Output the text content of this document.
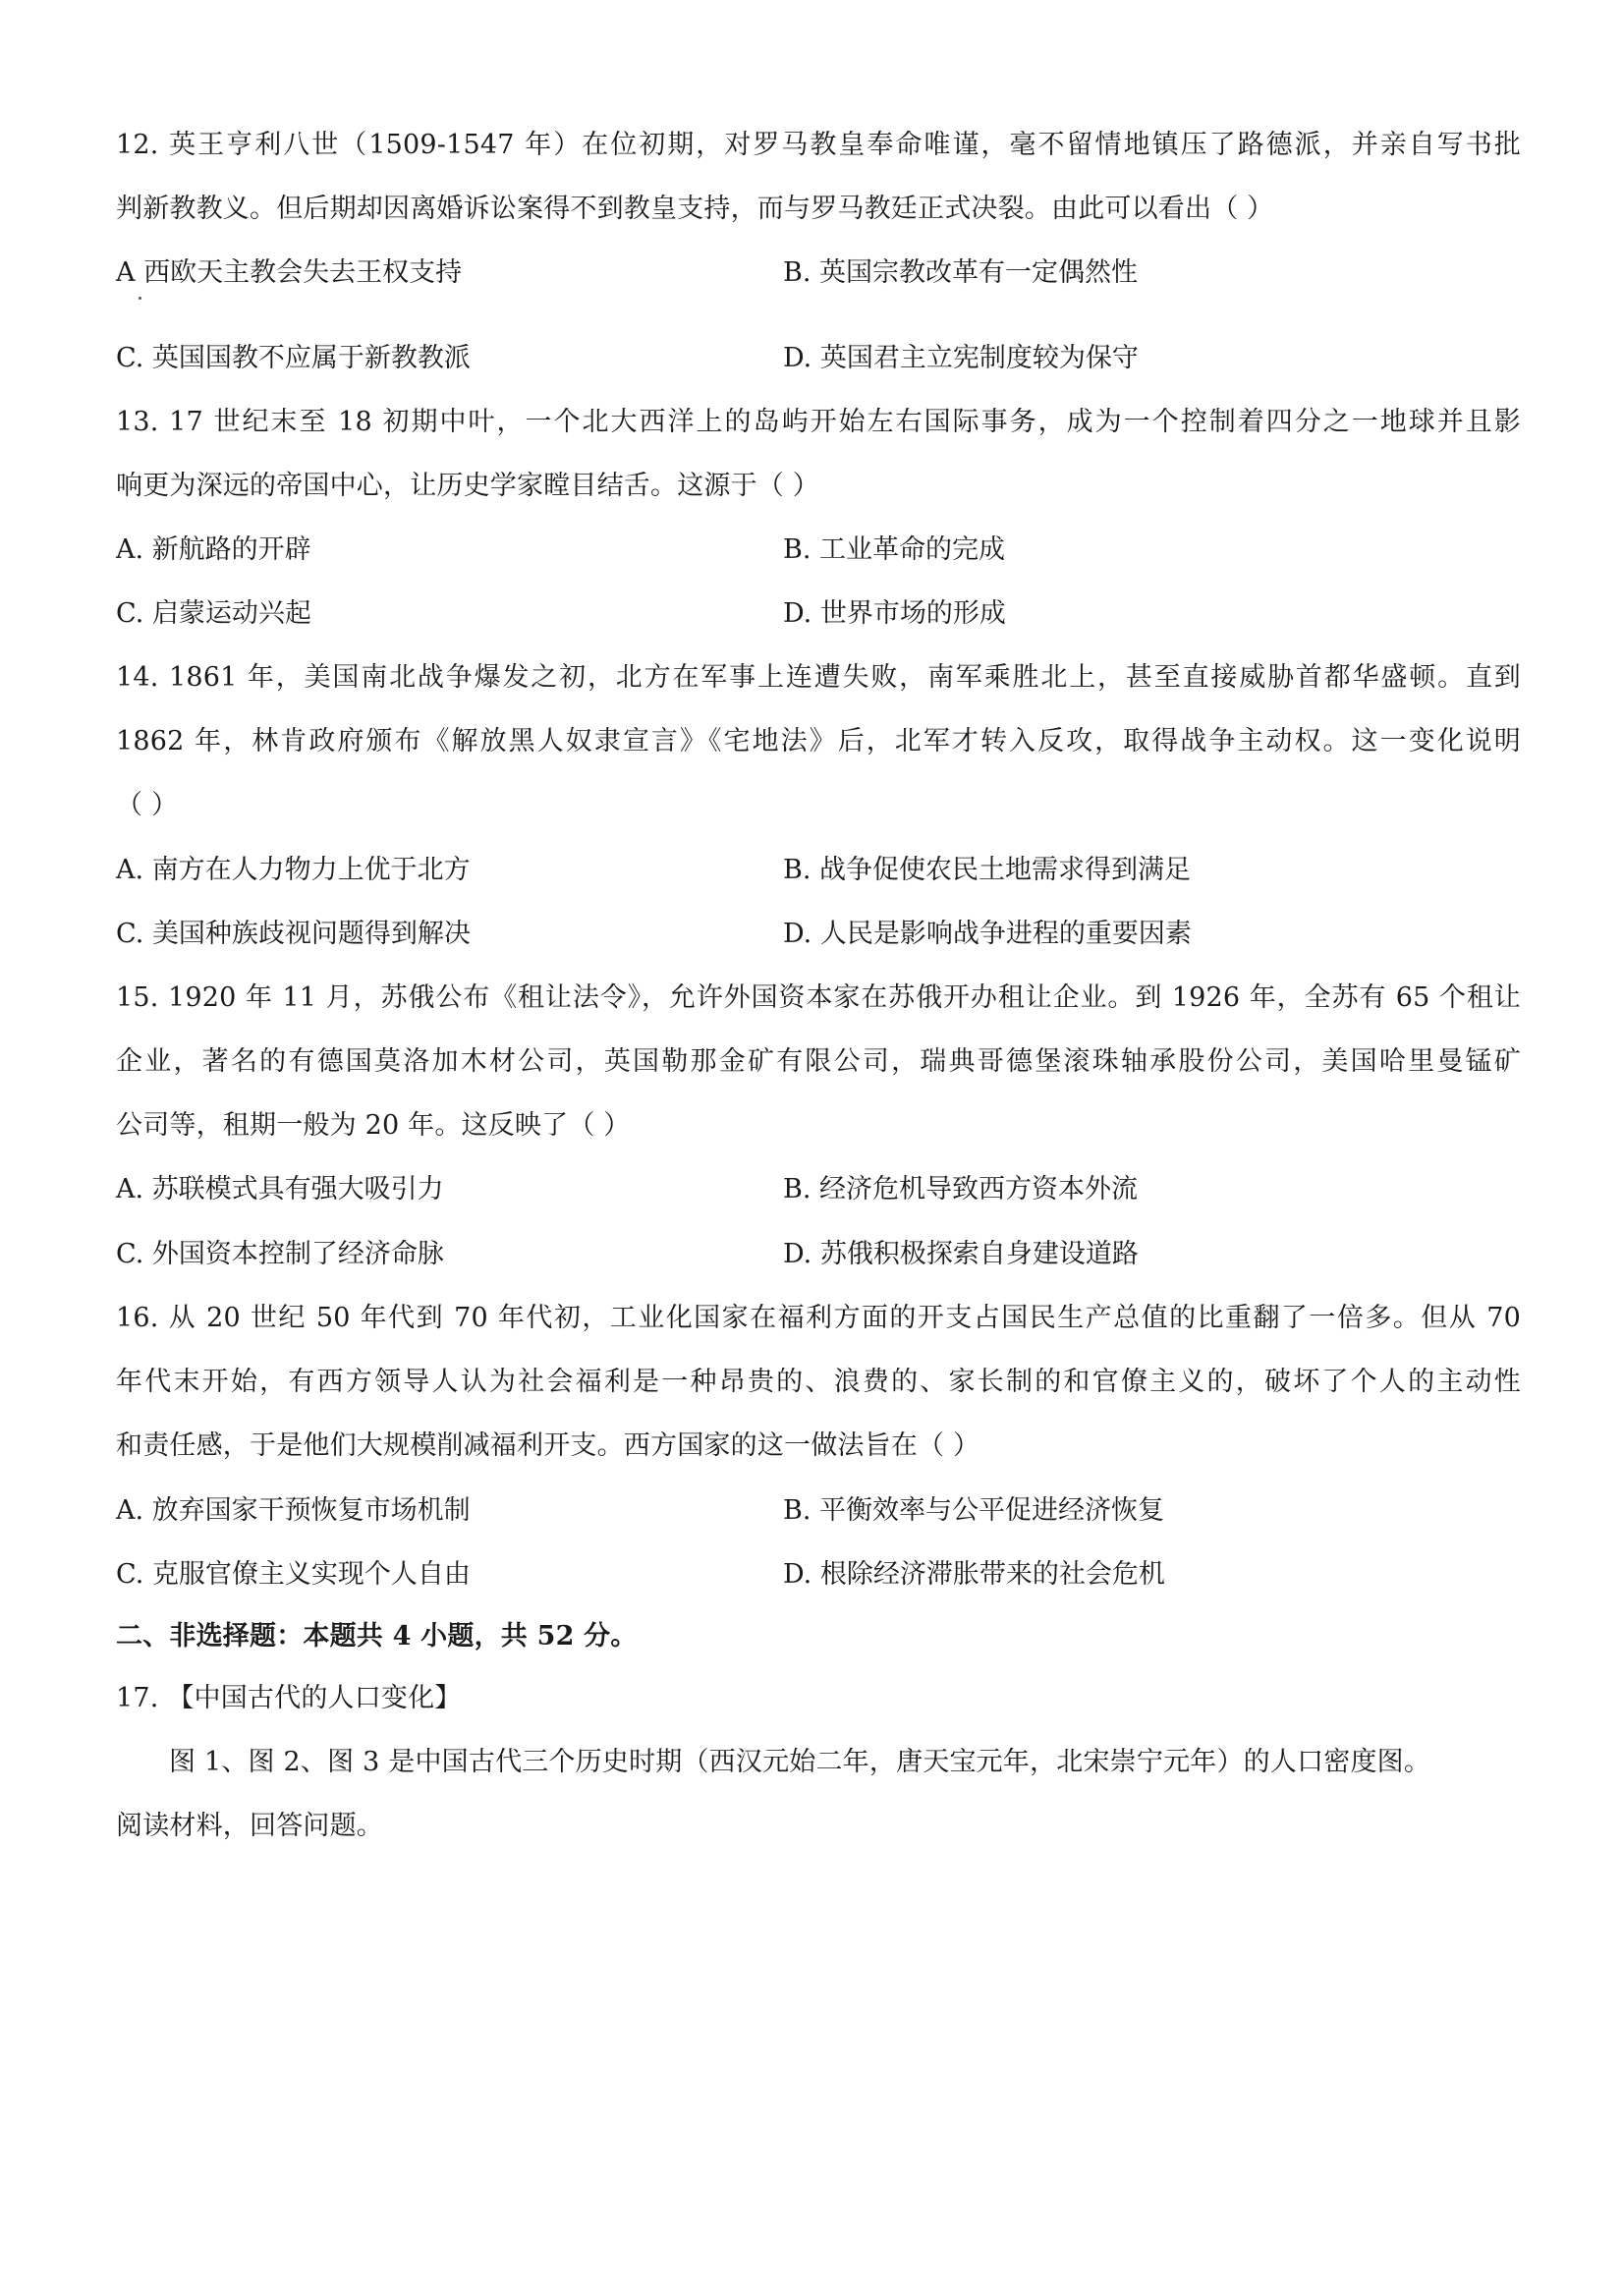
12. 英王亨利八世（1509-1547 年）在位初期，对罗马教皇奉命唯谨，毫不留情地镇压了路德派，并亲自写书批
判新教教义。但后期却因离婚诉讼案得不到教皇支持，而与罗马教廷正式决裂。由此可以看出（ ）
A 西欧天主教会失去王权支持	B. 英国宗教改革有一定偶然性
C. 英国国教不应属于新教教派	D. 英国君主立宪制度较为保守
13. 17 世纪末至 18 初期中叶，一个北大西洋上的岛屿开始左右国际事务，成为一个控制着四分之一地球并且影
响更为深远的帝国中心，让历史学家瞠目结舌。这源于（ ）
A. 新航路的开辟	B. 工业革命的完成
C. 启蒙运动兴起	D. 世界市场的形成
14. 1861 年，美国南北战争爆发之初，北方在军事上连遭失败，南军乘胜北上，甚至直接威胁首都华盛顿。直到
1862 年，林肯政府颁布《解放黑人奴隶宣言》《宅地法》后，北军才转入反攻，取得战争主动权。这一变化说明
（ ）
A. 南方在人力物力上优于北方	B. 战争促使农民土地需求得到满足
C. 美国种族歧视问题得到解决	D. 人民是影响战争进程的重要因素
15. 1920 年 11 月，苏俄公布《租让法令》，允许外国资本家在苏俄开办租让企业。到 1926 年，全苏有 65 个租让
企业，著名的有德国莫洛加木材公司，英国勒那金矿有限公司，瑞典哥德堡滚珠轴承股份公司，美国哈里曼锰矿
公司等，租期一般为 20 年。这反映了（ ）
A. 苏联模式具有强大吸引力	B. 经济危机导致西方资本外流
C. 外国资本控制了经济命脉	D. 苏俄积极探索自身建设道路
16. 从 20 世纪 50 年代到 70 年代初，工业化国家在福利方面的开支占国民生产总值的比重翻了一倍多。但从 70
年代末开始，有西方领导人认为社会福利是一种昂贵的、浪费的、家长制的和官僚主义的，破坏了个人的主动性
和责任感，于是他们大规模削减福利开支。西方国家的这一做法旨在（ ）
A. 放弃国家干预恢复市场机制	B. 平衡效率与公平促进经济恢复
C. 克服官僚主义实现个人自由	D. 根除经济滞胀带来的社会危机
二、非选择题：本题共 4 小题，共 52 分。
17. 【中国古代的人口变化】
图 1、图 2、图 3 是中国古代三个历史时期（西汉元始二年，唐天宝元年，北宋崇宁元年）的人口密度图。
阅读材料，回答问题。
